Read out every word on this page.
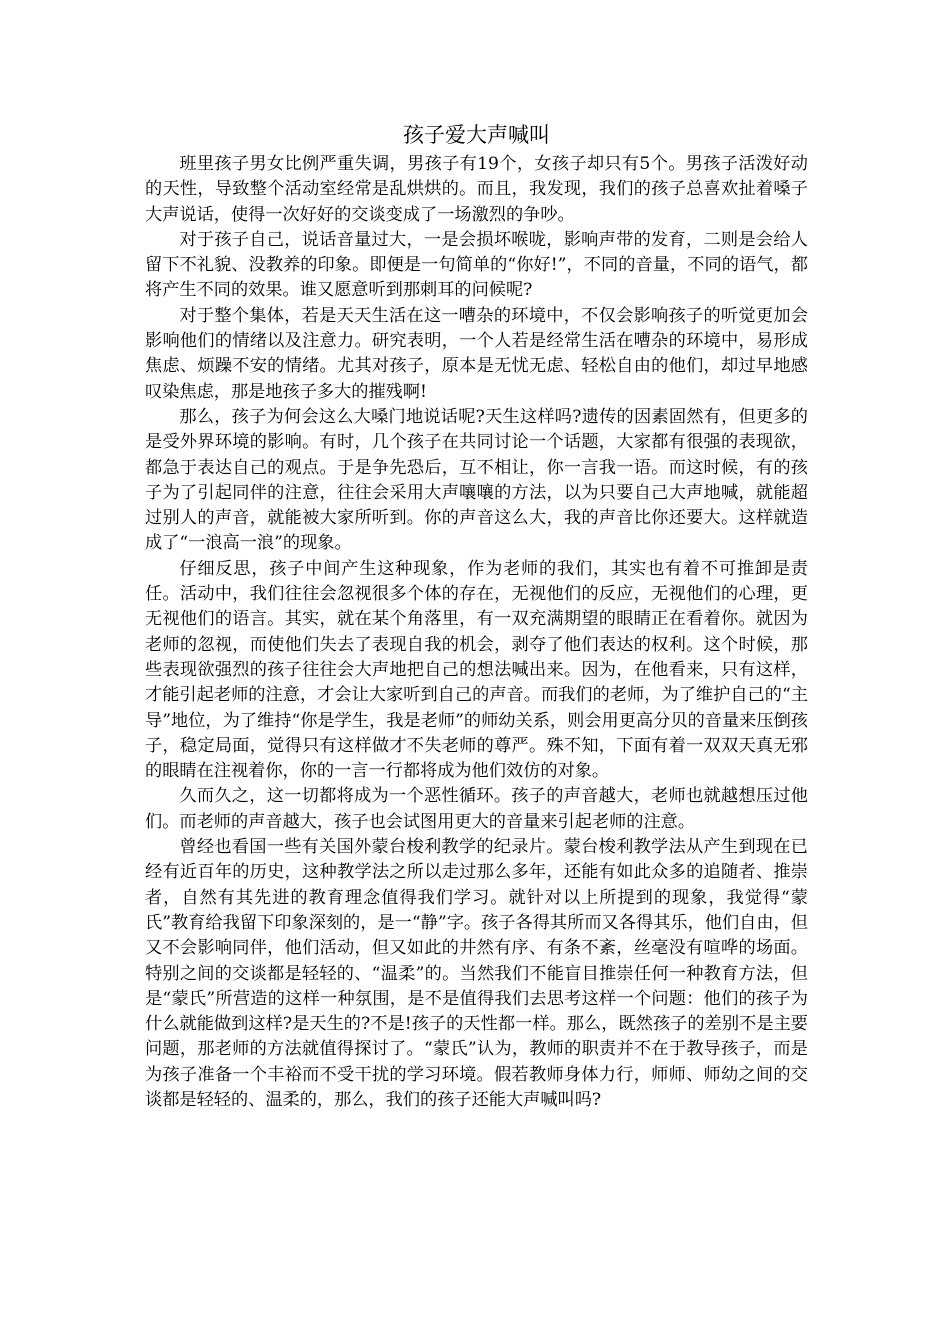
孩子爱大声喊叫

班里孩子男女比例严重失调，男孩子有19个，女孩子却只有5个。男孩子活泼好动的天性，导致整个活动室经常是乱烘烘的。而且，我发现，我们的孩子总喜欢扯着嗓子大声说话，使得一次好好的交谈变成了一场激烈的争吵。

对于孩子自己，说话音量过大，一是会损坏喉咙，影响声带的发育，二则是会给人留下不礼貌、没教养的印象。即便是一句简单的“你好!”，不同的音量，不同的语气，都将产生不同的效果。谁又愿意听到那刺耳的问候呢?

对于整个集体，若是天天生活在这一嘈杂的环境中，不仅会影响孩子的听觉更加会影响他们的情绪以及注意力。研究表明，一个人若是经常生活在嘈杂的环境中，易形成焦虑、烦躁不安的情绪。尤其对孩子，原本是无忧无虑、轻松自由的他们，却过早地感叹染焦虑，那是地孩子多大的摧残啊!

那么，孩子为何会这么大嗓门地说话呢?天生这样吗?遗传的因素固然有，但更多的是受外界环境的影响。有时，几个孩子在共同讨论一个话题，大家都有很强的表现欲，都急于表达自己的观点。于是争先恐后，互不相让，你一言我一语。而这时候，有的孩子为了引起同伴的注意，往往会采用大声嚷嚷的方法，以为只要自己大声地喊，就能超过别人的声音，就能被大家所听到。你的声音这么大，我的声音比你还要大。这样就造成了“一浪高一浪”的现象。

仔细反思，孩子中间产生这种现象，作为老师的我们，其实也有着不可推卸是责任。活动中，我们往往会忽视很多个体的存在，无视他们的反应，无视他们的心理，更无视他们的语言。其实，就在某个角落里，有一双充满期望的眼睛正在看着你。就因为老师的忽视，而使他们失去了表现自我的机会，剥夺了他们表达的权利。这个时候，那些表现欲强烈的孩子往往会大声地把自己的想法喊出来。因为，在他看来，只有这样，才能引起老师的注意，才会让大家听到自己的声音。而我们的老师，为了维护自己的“主导”地位，为了维持“你是学生，我是老师”的师幼关系，则会用更高分贝的音量来压倒孩子，稳定局面，觉得只有这样做才不失老师的尊严。殊不知，下面有着一双双天真无邪的眼睛在注视着你，你的一言一行都将成为他们效仿的对象。

久而久之，这一切都将成为一个恶性循环。孩子的声音越大，老师也就越想压过他们。而老师的声音越大，孩子也会试图用更大的音量来引起老师的注意。

曾经也看国一些有关国外蒙台梭利教学的纪录片。蒙台梭利教学法从产生到现在已经有近百年的历史，这种教学法之所以走过那么多年，还能有如此众多的追随者、推崇者，自然有其先进的教育理念值得我们学习。就针对以上所提到的现象，我觉得“蒙氏”教育给我留下印象深刻的，是一“静”字。孩子各得其所而又各得其乐，他们自由，但又不会影响同伴，他们活动，但又如此的井然有序、有条不紊，丝毫没有喧哗的场面。特别之间的交谈都是轻轻的、“温柔”的。当然我们不能盲目推崇任何一种教育方法，但是“蒙氏”所营造的这样一种氛围，是不是值得我们去思考这样一个问题：他们的孩子为什么就能做到这样?是天生的?不是!孩子的天性都一样。那么，既然孩子的差别不是主要问题，那老师的方法就值得探讨了。“蒙氏”认为，教师的职责并不在于教导孩子，而是为孩子准备一个丰裕而不受干扰的学习环境。假若教师身体力行，师师、师幼之间的交谈都是轻轻的、温柔的，那么，我们的孩子还能大声喊叫吗?
